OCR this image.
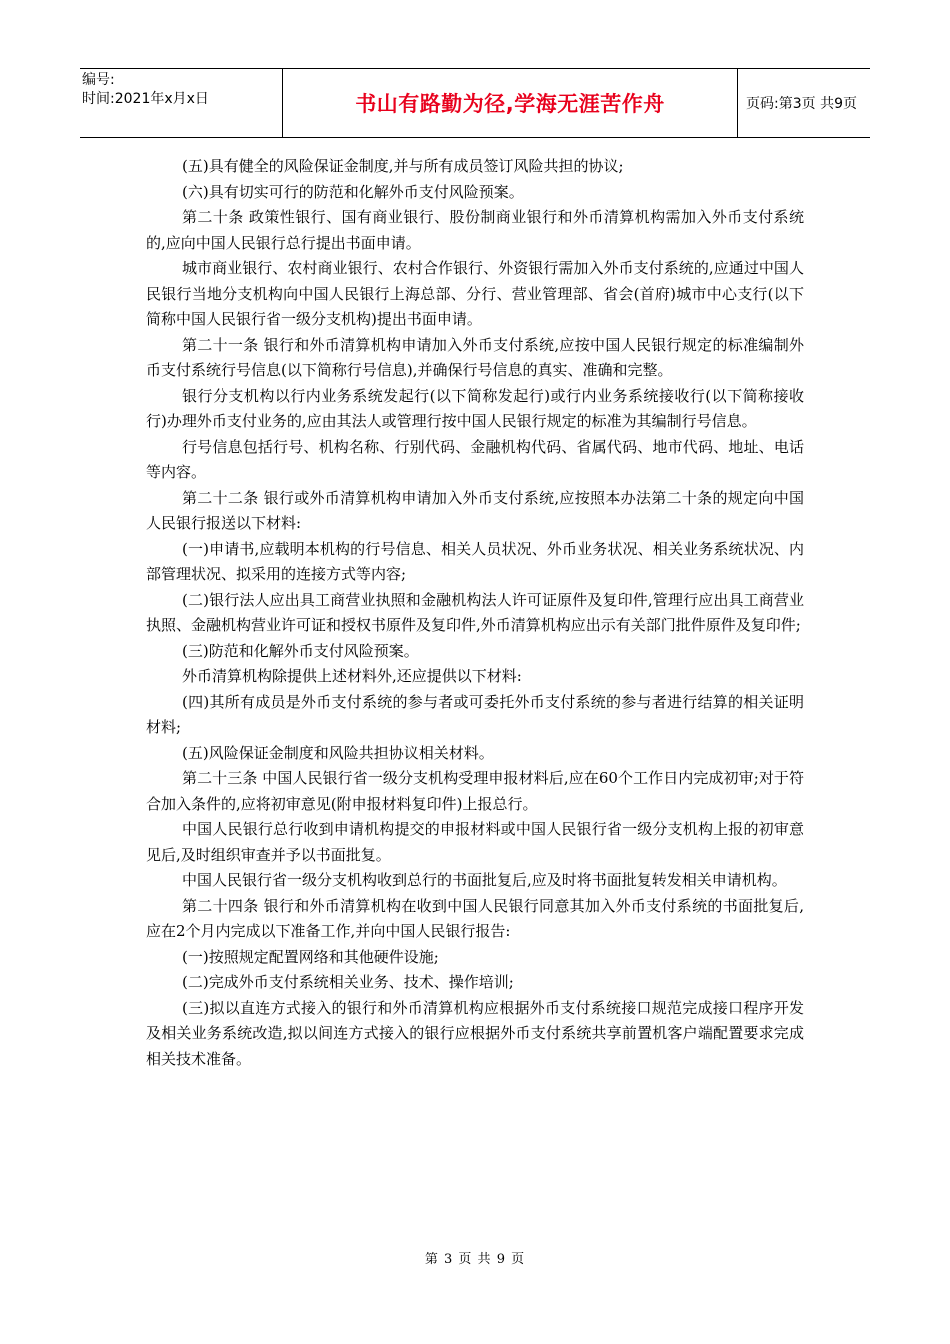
编号:
时间:2021年x月x日	书山有路勤为径,学海无涯苦作舟	页码:第3页 共9页

(五)具有健全的风险保证金制度,并与所有成员签订风险共担的协议;

(六)具有切实可行的防范和化解外币支付风险预案。

第二十条 政策性银行、国有商业银行、股份制商业银行和外币清算机构需加入外币支付系统的,应向中国人民银行总行提出书面申请。

城市商业银行、农村商业银行、农村合作银行、外资银行需加入外币支付系统的,应通过中国人民银行当地分支机构向中国人民银行上海总部、分行、营业管理部、省会(首府)城市中心支行(以下简称中国人民银行省一级分支机构)提出书面申请。

第二十一条 银行和外币清算机构申请加入外币支付系统,应按中国人民银行规定的标准编制外币支付系统行号信息(以下简称行号信息),并确保行号信息的真实、准确和完整。

银行分支机构以行内业务系统发起行(以下简称发起行)或行内业务系统接收行(以下简称接收行)办理外币支付业务的,应由其法人或管理行按中国人民银行规定的标准为其编制行号信息。

行号信息包括行号、机构名称、行别代码、金融机构代码、省属代码、地市代码、地址、电话等内容。

第二十二条 银行或外币清算机构申请加入外币支付系统,应按照本办法第二十条的规定向中国人民银行报送以下材料:

(一)申请书,应载明本机构的行号信息、相关人员状况、外币业务状况、相关业务系统状况、内部管理状况、拟采用的连接方式等内容;

(二)银行法人应出具工商营业执照和金融机构法人许可证原件及复印件,管理行应出具工商营业执照、金融机构营业许可证和授权书原件及复印件,外币清算机构应出示有关部门批件原件及复印件;

(三)防范和化解外币支付风险预案。

外币清算机构除提供上述材料外,还应提供以下材料:

(四)其所有成员是外币支付系统的参与者或可委托外币支付系统的参与者进行结算的相关证明材料;

(五)风险保证金制度和风险共担协议相关材料。

第二十三条 中国人民银行省一级分支机构受理申报材料后,应在60个工作日内完成初审;对于符合加入条件的,应将初审意见(附申报材料复印件)上报总行。

中国人民银行总行收到申请机构提交的申报材料或中国人民银行省一级分支机构上报的初审意见后,及时组织审查并予以书面批复。

中国人民银行省一级分支机构收到总行的书面批复后,应及时将书面批复转发相关申请机构。

第二十四条 银行和外币清算机构在收到中国人民银行同意其加入外币支付系统的书面批复后,应在2个月内完成以下准备工作,并向中国人民银行报告:

(一)按照规定配置网络和其他硬件设施;

(二)完成外币支付系统相关业务、技术、操作培训;

(三)拟以直连方式接入的银行和外币清算机构应根据外币支付系统接口规范完成接口程序开发及相关业务系统改造,拟以间连方式接入的银行应根据外币支付系统共享前置机客户端配置要求完成相关技术准备。

第 3 页 共 9 页
